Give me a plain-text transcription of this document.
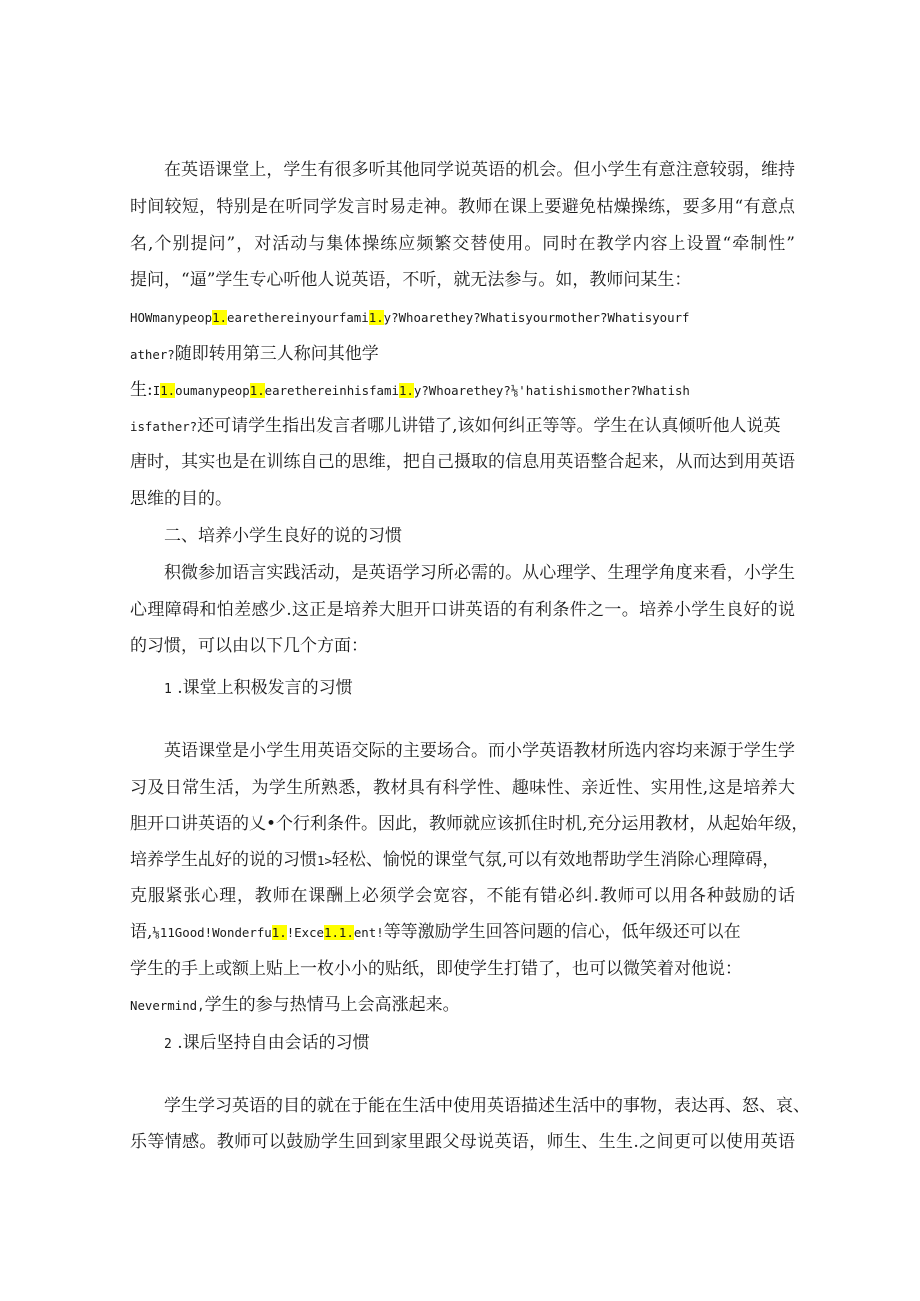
在英语课堂上，学生有很多听其他同学说英语的机会。但小学生有意注意较弱，维持
时间较短，特别是在听同学发言时易走神。教师在课上要避免枯燥操练，要多用“有意点
名,个别提问”，对活动与集体操练应频繁交替使用。同时在教学内容上设置“牵制性”
提问，“逼”学生专心听他人说英语，不听，就无法参与。如，教师问某生：
HOWmanypeop1.earethereinyourfami1.y?Whoarethey?Whatisyourmother?Whatisyourf
ather?随即转用第三人称问其他学
生:I1.oumanypeop1.earethereinhisfami1.y?Whoarethey?⅛'hatishismother?Whatish
isfather?还可请学生指出发言者哪儿讲错了,该如何纠正等等。学生在认真倾听他人说英
唐时，其实也是在训练自己的思维，把自己摄取的信息用英语整合起来，从而达到用英语
思维的目的。
二、培养小学生良好的说的习惯
积微参加语言实践活动，是英语学习所必需的。从心理学、生理学角度来看，小学生
心理障碍和怕差感少.这正是培养大胆开口讲英语的有利条件之一。培养小学生良好的说
的习惯，可以由以下几个方面：
1 .课堂上积极发言的习惯
英语课堂是小学生用英语交际的主要场合。而小学英语教材所选内容均来源于学生学
习及日常生活，为学生所熟悉，教材具有科学性、趣味性、亲近性、实用性,这是培养大
胆开口讲英语的乂•个行利条件。因此，教师就应该抓住时机,充分运用教材，从起始年级，
培养学生乩好的说的习惯1>轻松、愉悦的课堂气氛,可以有效地帮助学生消除心理障碍，
克服紧张心理，教师在课酬上必须学会宽容，不能有错必纠.教师可以用各种鼓励的话
语,⅛11Good!Wonderfu1.!Exce1.1.ent!等等激励学生回答问题的信心，低年级还可以在
学生的手上或额上贴上一枚小小的贴纸，即使学生打错了，也可以微笑着对他说：
Nevermind,学生的参与热情马上会高涨起来。
2 .课后坚持自由会话的习惯
学生学习英语的目的就在于能在生活中使用英语描述生活中的事物，表达再、怒、哀、
乐等情感。教师可以鼓励学生回到家里跟父母说英语，师生、生生.之间更可以使用英语
